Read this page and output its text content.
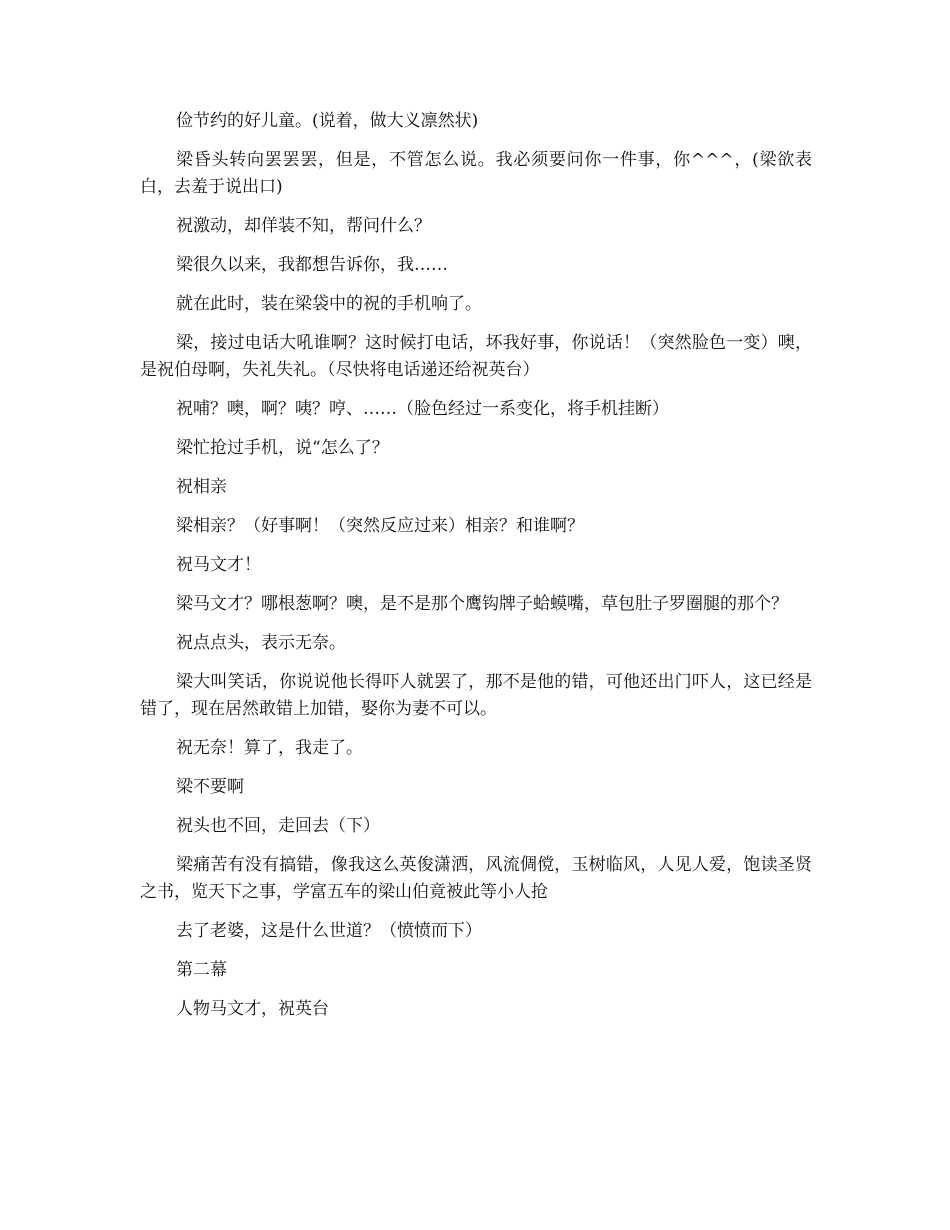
俭节约的好儿童。(说着，做大义凛然状)

梁昏头转向罢罢罢，但是，不管怎么说。我必须要问你一件事，你^^^，(梁欲表白，去羞于说出口)

祝激动，却佯装不知，帮问什么？

梁很久以来，我都想告诉你，我……

就在此时，装在梁袋中的祝的手机响了。

梁，接过电话大吼谁啊？这时候打电话，坏我好事，你说话！（突然脸色一变）噢，是祝伯母啊，失礼失礼。（尽快将电话递还给祝英台）

祝哺？噢，啊？咦？哼、……（脸色经过一系变化，将手机挂断）

梁忙抢过手机，说“怎么了？

祝相亲

梁相亲？（好事啊！（突然反应过来）相亲？和谁啊？

祝马文才！

梁马文才？哪根葱啊？噢，是不是那个鹰钩牌子蛤蟆嘴，草包肚子罗圈腿的那个？

祝点点头，表示无奈。

梁大叫笑话，你说说他长得吓人就罢了，那不是他的错，可他还出门吓人，这已经是错了，现在居然敢错上加错，娶你为妻不可以。

祝无奈！算了，我走了。

梁不要啊

祝头也不回，走回去（下）

梁痛苦有没有搞错，像我这么英俊潇洒，风流倜傥，玉树临风，人见人爱，饱读圣贤之书，览天下之事，学富五车的梁山伯竟被此等小人抢

去了老婆，这是什么世道？（愤愤而下）

第二幕

人物马文才，祝英台
